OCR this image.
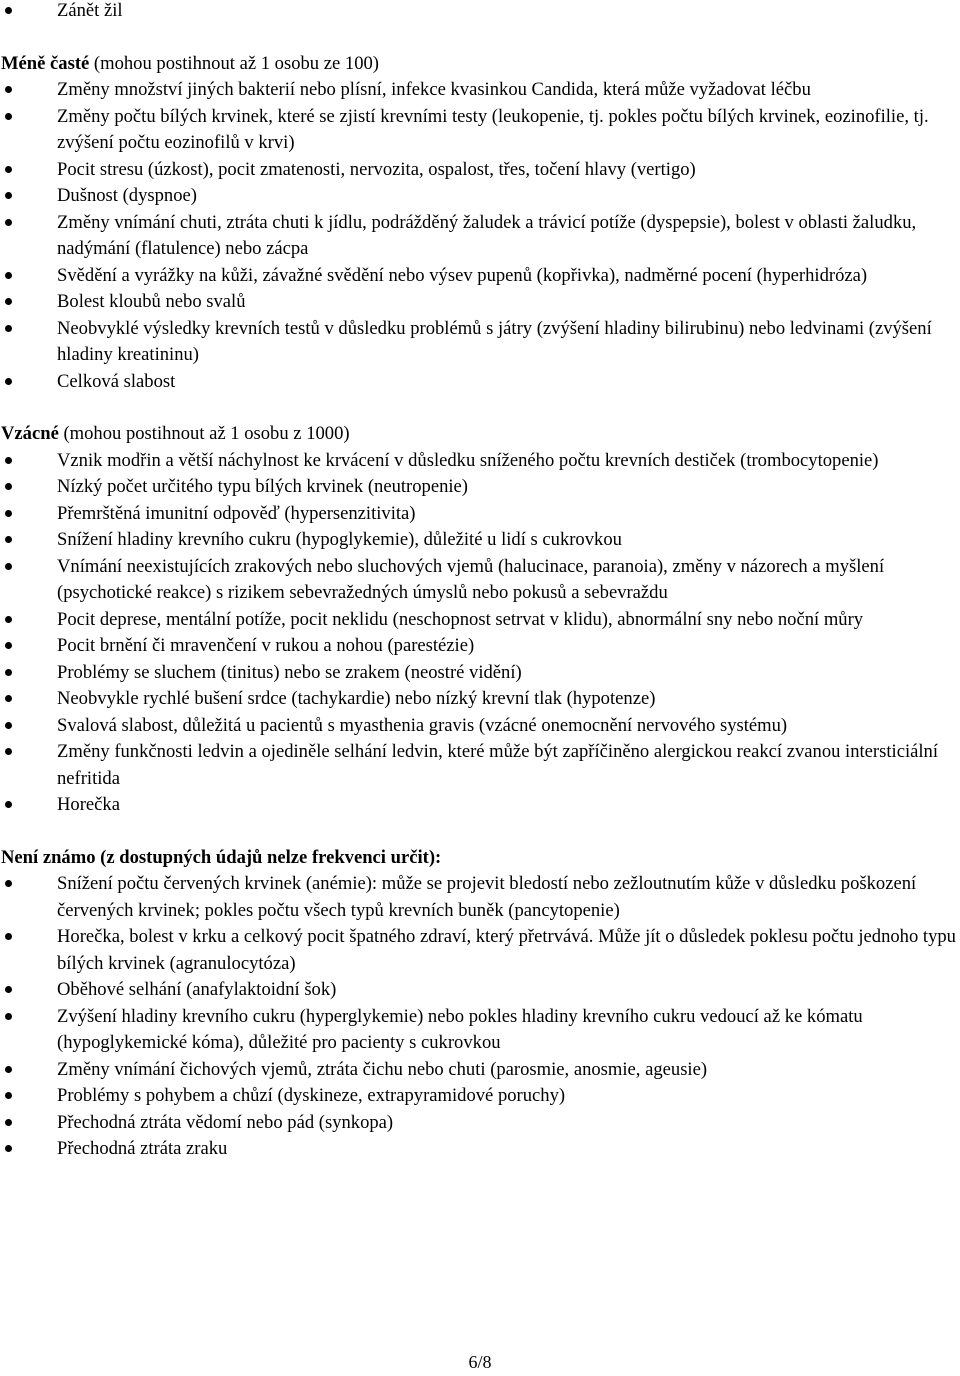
Zánět žil
Méně časté (mohou postihnout až 1 osobu ze 100)
Změny množství jiných bakterií nebo plísní, infekce kvasinkou Candida, která může vyžadovat léčbu
Změny počtu bílých krvinek, které se zjistí krevními testy (leukopenie, tj. pokles počtu bílých krvinek, eozinofilie, tj. zvýšení počtu eozinofilů v krvi)
Pocit stresu (úzkost), pocit zmatenosti, nervozita, ospalost, třes, točení hlavy (vertigo)
Dušnost (dyspnoe)
Změny vnímání chuti, ztráta chuti k jídlu, podrážděný žaludek a trávicí potíže (dyspepsie), bolest v oblasti žaludku, nadýmání (flatulence) nebo zácpa
Svědění a vyrážky na kůži, závažné svědění nebo výsev pupenů (kopřivka), nadměrné pocení (hyperhidróza)
Bolest kloubů nebo svalů
Neobvyklé výsledky krevních testů v důsledku problémů s játry (zvýšení hladiny bilirubinu) nebo ledvinami (zvýšení hladiny kreatininu)
Celková slabost
Vzácné (mohou postihnout až 1 osobu z 1000)
Vznik modřin a větší náchylnost ke krvácení v důsledku sníženého počtu krevních destiček (trombocytopenie)
Nízký počet určitého typu bílých krvinek (neutropenie)
Přemrštěná imunitní odpověď (hypersenzitivita)
Snížení hladiny krevního cukru (hypoglykemie), důležité u lidí s cukrovkou
Vnímání neexistujících zrakových nebo sluchových vjemů (halucinace, paranoia), změny v názorech a myšlení (psychotické reakce) s rizikem sebevražedných úmyslů nebo pokusů a sebevraždu
Pocit deprese, mentální potíže, pocit neklidu (neschopnost setrvat v klidu), abnormální sny nebo noční můry
Pocit brnění či mravenčení v rukou a nohou (parestézie)
Problémy se sluchem (tinitus) nebo se zrakem (neostré vidění)
Neobvykle rychlé bušení srdce (tachykardie) nebo nízký krevní tlak (hypotenze)
Svalová slabost, důležitá u pacientů s myasthenia gravis (vzácné onemocnění nervového systému)
Změny funkčnosti ledvin a ojediněle selhání ledvin, které může být zapříčiněno alergickou reakcí zvanou intersticiální nefritida
Horečka
Není známo (z dostupných údajů nelze frekvenci určit):
Snížení počtu červených krvinek (anémie): může se projevit bledostí nebo zežloutnutím kůže v důsledku poškození červených krvinek; pokles počtu všech typů krevních buněk (pancytopenie)
Horečka, bolest v krku a celkový pocit špatného zdraví, který přetrvává. Může jít o důsledek poklesu počtu jednoho typu bílých krvinek (agranulocytóza)
Oběhové selhání (anafylaktoidní šok)
Zvýšení hladiny krevního cukru (hyperglykemie) nebo pokles hladiny krevního cukru vedoucí až ke kómatu (hypoglykemické kóma), důležité pro pacienty s cukrovkou
Změny vnímání čichových vjemů, ztráta čichu nebo chuti (parosmie, anosmie, ageusie)
Problémy s pohybem a chůzí (dyskineze, extrapyramidové poruchy)
Přechodná ztráta vědomí nebo pád (synkopa)
Přechodná ztráta zraku
6/8
